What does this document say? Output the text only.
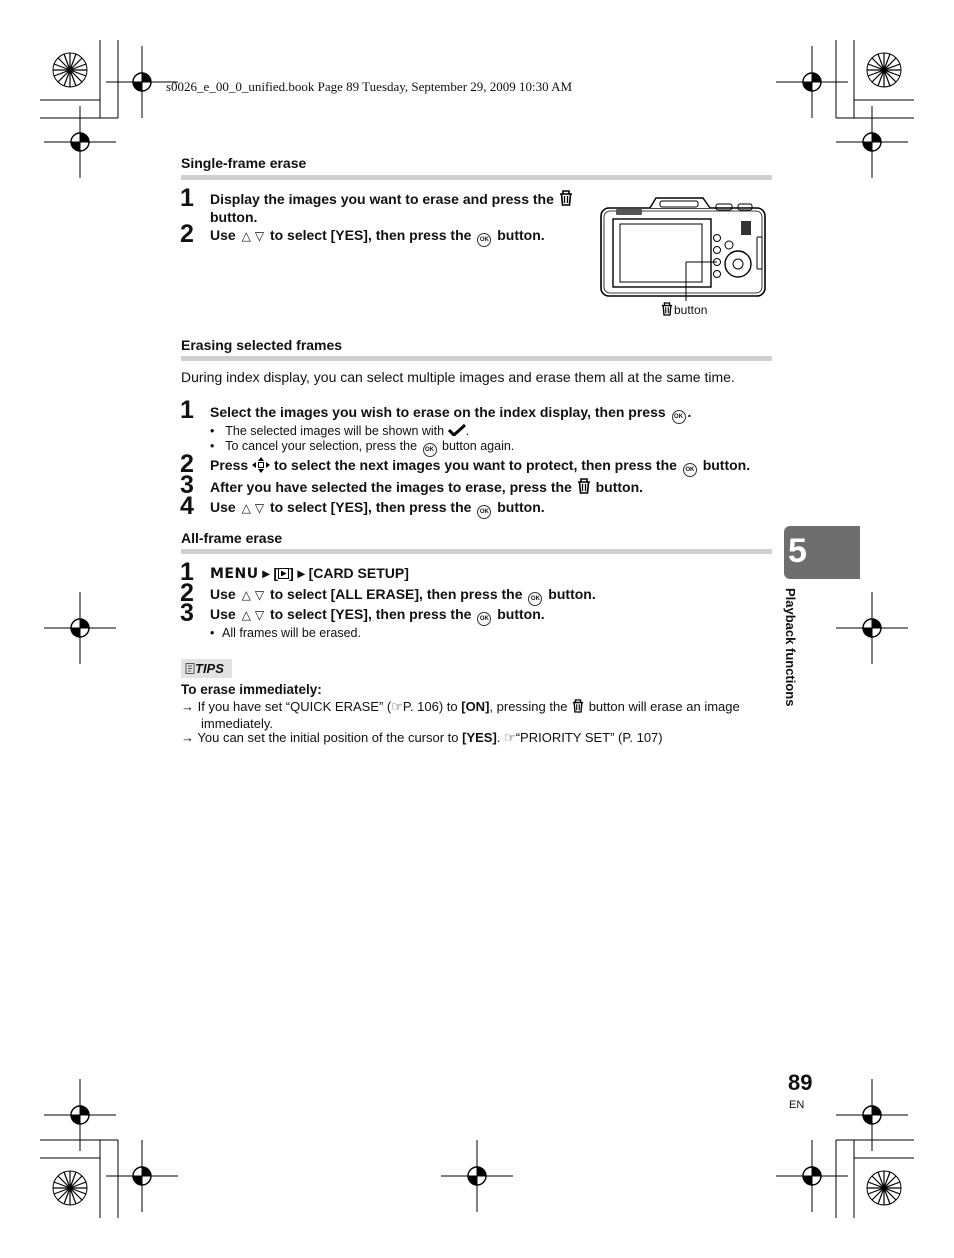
s0026_e_00_0_unified.book Page 89 Tuesday, September 29, 2009 10:30 AM
Single-frame erase
1 Display the images you want to erase and press the
button.
2 Use △ ▽ to select [YES], then press the OK button.
button
Erasing selected frames
During index display, you can select multiple images and erase them all at the same time.
1 Select the images you wish to erase on the index display, then press OK .
• The selected images will be shown with .
• To cancel your selection, press the OK button again.
2 Press to select the next images you want to protect, then press the OK button.
3 After you have selected the images to erase, press the button.
4 Use △ ▽ to select [YES], then press the OK button.
All-frame erase
1 MENU ▸ [ ] ▸ [CARD SETUP]
2 Use △ ▽ to select [ALL ERASE], then press the OK button.
3 Use △ ▽ to select [YES], then press the OK button.
• All frames will be erased.
TIPS
To erase immediately:
→ If you have set “QUICK ERASE” (☞P. 106) to [ON], pressing the button will erase an image
immediately.
→ You can set the initial position of the cursor to [YES]. ☞“PRIORITY SET” (P. 107)
5
Playback functions
89
EN
